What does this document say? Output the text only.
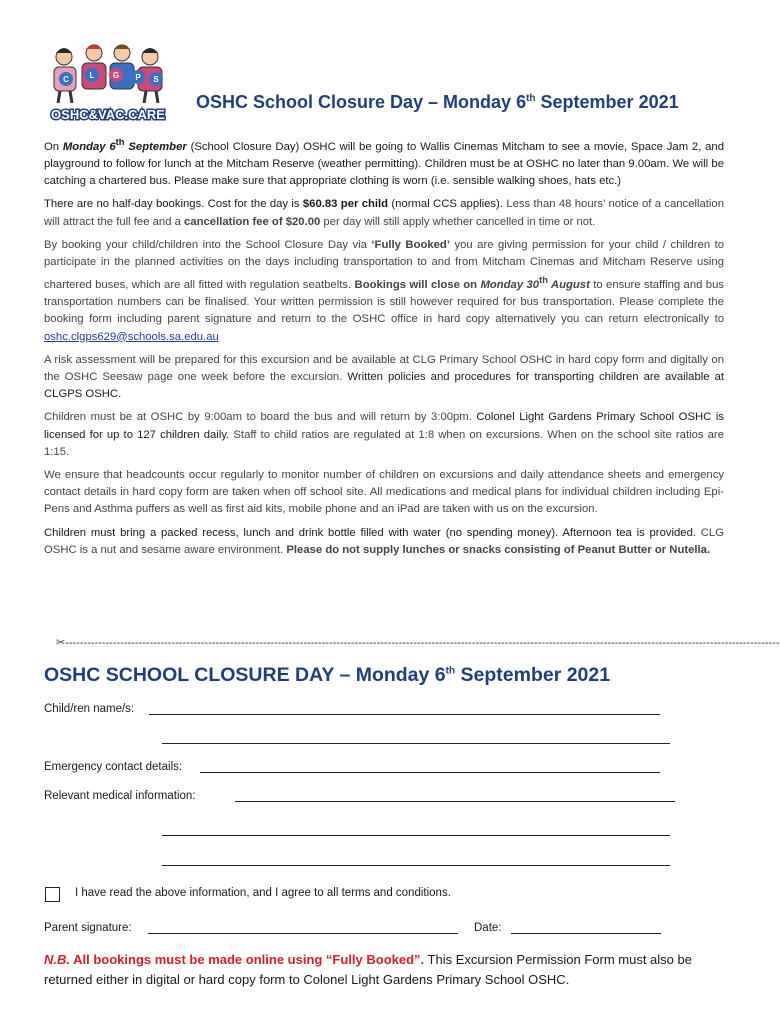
C	L G P S
OSHC&VAC.CARE
OSHC School Closure Day – Monday 6th September 2021

On Monday 6th September (School Closure Day) OSHC will be going to Wallis Cinemas Mitcham to see a movie, Space Jam 2, and playground to follow for lunch at the Mitcham Reserve (weather permitting). Children must be at OSHC no later than 9.00am. We will be catching a chartered bus. Please make sure that appropriate clothing is worn (i.e. sensible walking shoes, hats etc.)

There are no half-day bookings. Cost for the day is $60.83 per child (normal CCS applies). Less than 48 hours’ notice of a cancellation will attract the full fee and a cancellation fee of $20.00 per day will still apply whether cancelled in time or not.

By booking your child/children into the School Closure Day via ‘Fully Booked’ you are giving permission for your child / children to participate in the planned activities on the days including transportation to and from Mitcham Cinemas and Mitcham Reserve using chartered buses, which are all fitted with regulation seatbelts. Bookings will close on Monday 30th August to ensure staffing and bus transportation numbers can be finalised. Your written permission is still however required for bus transportation. Please complete the booking form including parent signature and return to the OSHC office in hard copy alternatively you can return electronically to oshc.clgps629@schools.sa.edu.au

A risk assessment will be prepared for this excursion and be available at CLG Primary School OSHC in hard copy form and digitally on the OSHC Seesaw page one week before the excursion. Written policies and procedures for transporting children are available at CLGPS OSHC.

Children must be at OSHC by 9:00am to board the bus and will return by 3:00pm. Colonel Light Gardens Primary School OSHC is licensed for up to 127 children daily. Staff to child ratios are regulated at 1:8 when on excursions. When on the school site ratios are 1:15.

We ensure that headcounts occur regularly to monitor number of children on excursions and daily attendance sheets and emergency contact details in hard copy form are taken when off school site. All medications and medical plans for individual children including Epi-Pens and Asthma puffers as well as first aid kits, mobile phone and an iPad are taken with us on the excursion.

Children must bring a packed recess, lunch and drink bottle filled with water (no spending money). Afternoon tea is provided. CLG OSHC is a nut and sesame aware environment. Please do not supply lunches or snacks consisting of Peanut Butter or Nutella.

✂---------------------------------------------------------------------------------------------------------------------------------------------------------------------------------------------------
OSHC SCHOOL CLOSURE DAY – Monday 6th September 2021
Child/ren name/s:
Emergency contact details:
Relevant medical information:
I have read the above information, and I agree to all terms and conditions.
Parent signature:	Date:
N.B. All bookings must be made online using “Fully Booked”. This Excursion Permission Form must also be returned either in digital or hard copy form to Colonel Light Gardens Primary School OSHC.
